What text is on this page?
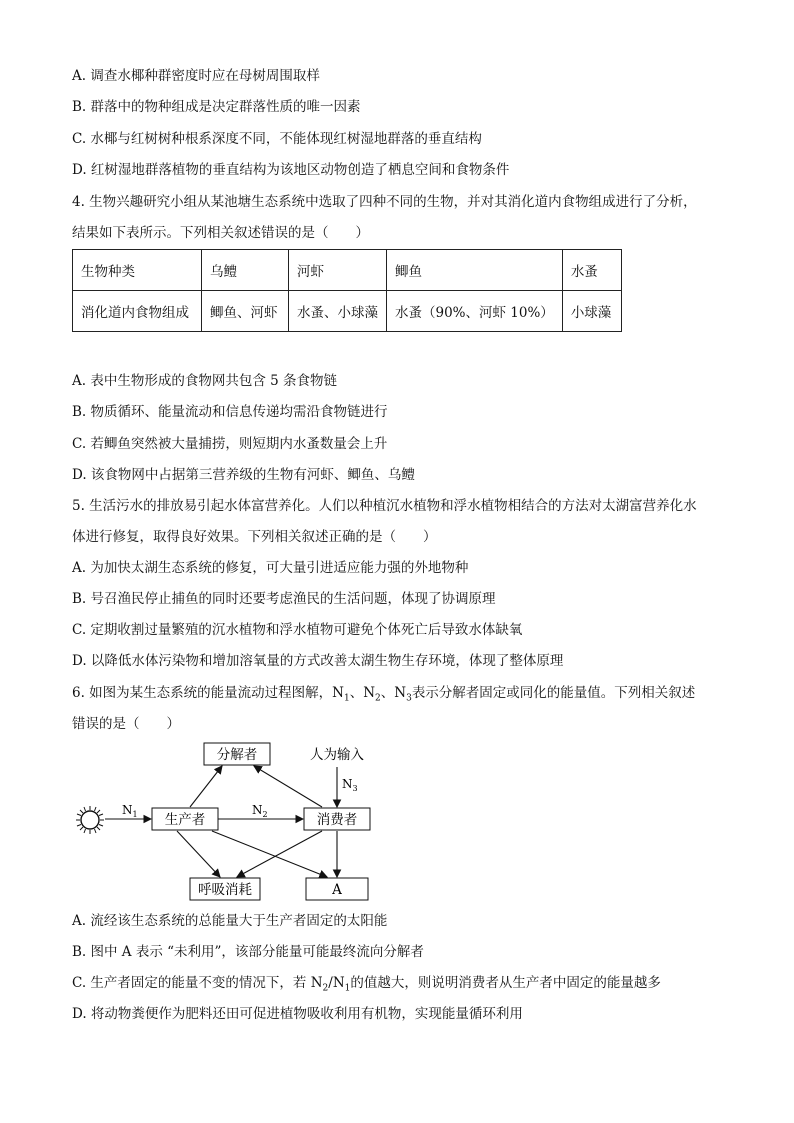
A. 调查水椰种群密度时应在母树周围取样
B. 群落中的物种组成是决定群落性质的唯一因素
C. 水椰与红树树种根系深度不同，不能体现红树湿地群落的垂直结构
D. 红树湿地群落植物的垂直结构为该地区动物创造了栖息空间和食物条件
4. 生物兴趣研究小组从某池塘生态系统中选取了四种不同的生物，并对其消化道内食物组成进行了分析，
结果如下表所示。下列相关叙述错误的是（　　）
生物种类	乌鳢	河虾	鲫鱼	水蚤
消化道内食物组成	鲫鱼、河虾	水蚤、小球藻	水蚤（90%、河虾 10%）	小球藻
A. 表中生物形成的食物网共包含 5 条食物链
B. 物质循环、能量流动和信息传递均需沿食物链进行
C. 若鲫鱼突然被大量捕捞，则短期内水蚤数量会上升
D. 该食物网中占据第三营养级的生物有河虾、鲫鱼、乌鳢
5. 生活污水的排放易引起水体富营养化。人们以种植沉水植物和浮水植物相结合的方法对太湖富营养化水
体进行修复，取得良好效果。下列相关叙述正确的是（　　）
A. 为加快太湖生态系统的修复，可大量引进适应能力强的外地物种
B. 号召渔民停止捕鱼的同时还要考虑渔民的生活问题，体现了协调原理
C. 定期收割过量繁殖的沉水植物和浮水植物可避免个体死亡后导致水体缺氧
D. 以降低水体污染物和增加溶氧量的方式改善太湖生物生存环境，体现了整体原理
6. 如图为某生态系统的能量流动过程图解，$N_1$、$N_2$、$N_3$表示分解者固定或同化的能量值。下列相关叙述
错误的是（　　）
分解者	人为输入
生产者	消费者
呼吸消耗	A
$N_1$	$N_2$
$N_3$
A. 流经该生态系统的总能量大于生产者固定的太阳能
B. 图中 A 表示 “未利用”，该部分能量可能最终流向分解者
C. 生产者固定的能量不变的情况下，若 $N_2/N_1$的值越大，则说明消费者从生产者中固定的能量越多
D. 将动物粪便作为肥料还田可促进植物吸收利用有机物，实现能量循环利用
